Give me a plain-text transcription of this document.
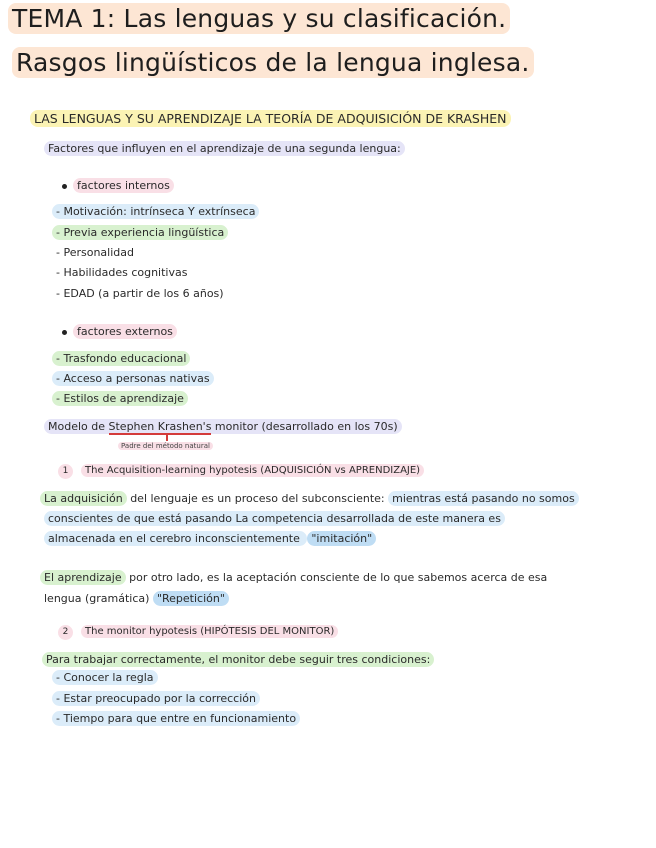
TEMA 1: Las lenguas y su clasificación.
Rasgos lingüísticos de la lengua inglesa.
LAS LENGUAS Y SU APRENDIZAJE LA TEORÍA DE ADQUISICIÓN DE KRASHEN
Factores que influyen en el aprendizaje de una segunda lengua:
factores internos
- Motivación: intrínseca Y extrínseca
- Previa experiencia lingüística
- Personalidad
- Habilidades cognitivas
- EDAD (a partir de los 6 años)
factores externos
- Trasfondo educacional
- Acceso a personas nativas
- Estilos de aprendizaje
Modelo de Stephen Krashen's monitor (desarrollado en los 70s)
Padre del método natural
1 The Acquisition-learning hypotesis (ADQUISICIÓN vs APRENDIZAJE)
La adquisición del lenguaje es un proceso del subconsciente: mientras está pasando no somos
conscientes de que está pasando La competencia desarrollada de este manera es
almacenada en el cerebro inconscientemente "imitación"
El aprendizaje por otro lado, es la aceptación consciente de lo que sabemos acerca de esa
lengua (gramática) "Repetición"
2 The monitor hypotesis (HIPÓTESIS DEL MONITOR)
Para trabajar correctamente, el monitor debe seguir tres condiciones:
- Conocer la regla
- Estar preocupado por la corrección
- Tiempo para que entre en funcionamiento
